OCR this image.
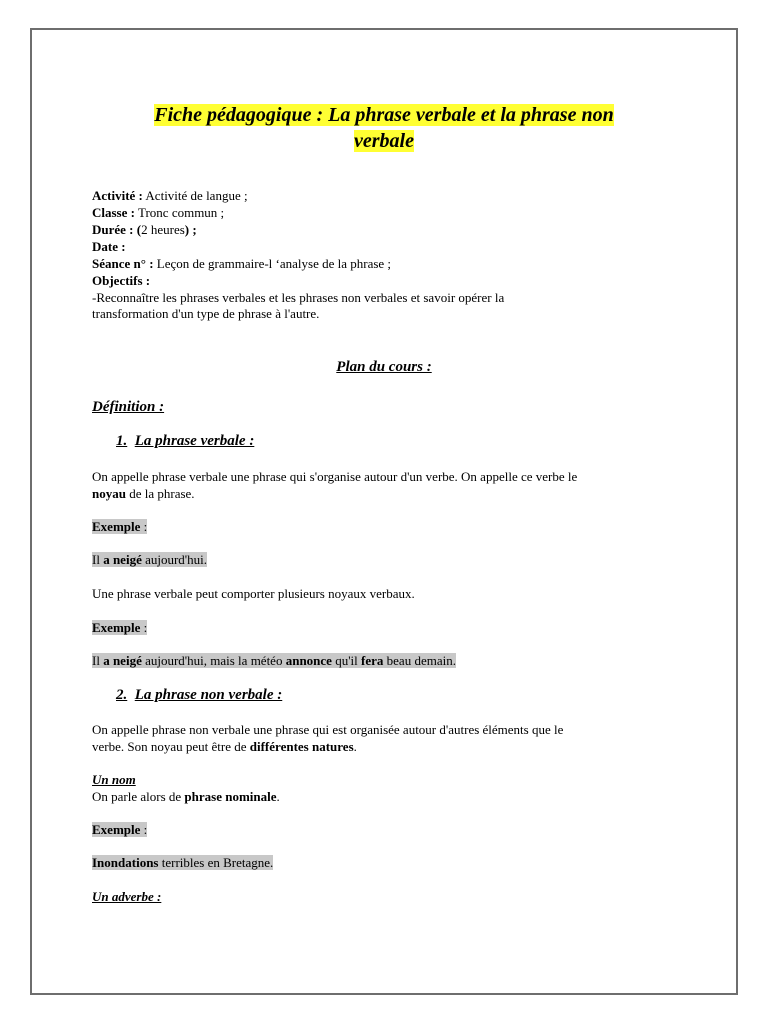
Fiche pédagogique : La phrase verbale et la phrase non
verbale
Activité : Activité de langue ;
Classe : Tronc commun ;
Durée : (2 heures) ;
Date :
Séance n° : Leçon de grammaire-l ‘analyse de la phrase ;
Objectifs :
-Reconnaître les phrases verbales et les phrases non verbales et savoir opérer la
transformation d'un type de phrase à l'autre.
Plan du cours :
Définition :
1. La phrase verbale :
On appelle phrase verbale une phrase qui s'organise autour d'un verbe. On appelle ce verbe le
noyau de la phrase.
Exemple :
Il a neigé aujourd'hui.
Une phrase verbale peut comporter plusieurs noyaux verbaux.
Exemple :
Il a neigé aujourd'hui, mais la météo annonce qu'il fera beau demain.
2. La phrase non verbale :
On appelle phrase non verbale une phrase qui est organisée autour d'autres éléments que le
verbe. Son noyau peut être de différentes natures.
Un nom
On parle alors de phrase nominale.
Exemple :
Inondations terribles en Bretagne.
Un adverbe :
